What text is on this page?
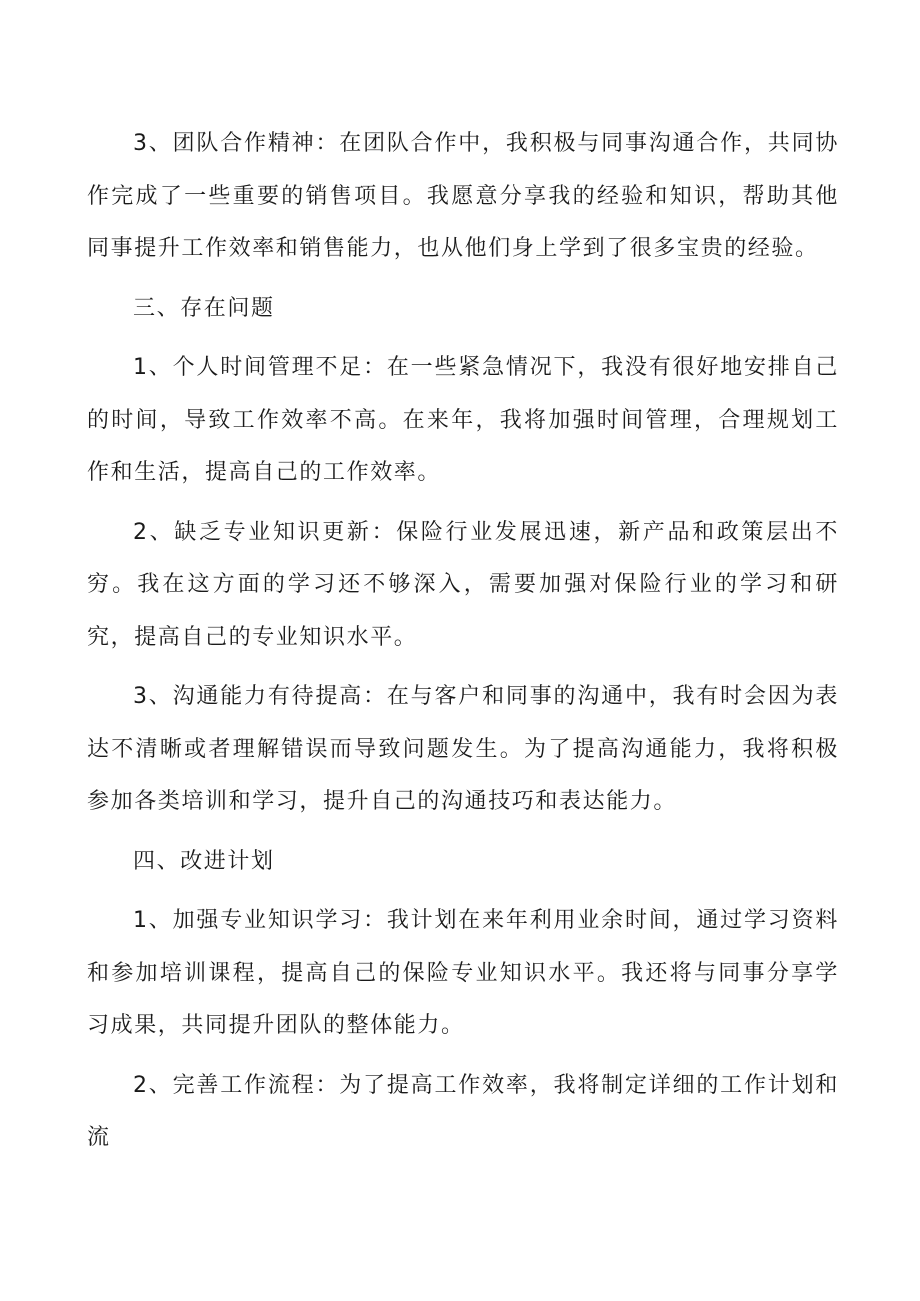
3、团队合作精神：在团队合作中，我积极与同事沟通合作，共同协作完成了一些重要的销售项目。我愿意分享我的经验和知识，帮助其他同事提升工作效率和销售能力，也从他们身上学到了很多宝贵的经验。

三、存在问题

1、个人时间管理不足：在一些紧急情况下，我没有很好地安排自己的时间，导致工作效率不高。在来年，我将加强时间管理，合理规划工作和生活，提高自己的工作效率。

2、缺乏专业知识更新：保险行业发展迅速，新产品和政策层出不穷。我在这方面的学习还不够深入，需要加强对保险行业的学习和研究，提高自己的专业知识水平。

3、沟通能力有待提高：在与客户和同事的沟通中，我有时会因为表达不清晰或者理解错误而导致问题发生。为了提高沟通能力，我将积极参加各类培训和学习，提升自己的沟通技巧和表达能力。

四、改进计划

1、加强专业知识学习：我计划在来年利用业余时间，通过学习资料和参加培训课程，提高自己的保险专业知识水平。我还将与同事分享学习成果，共同提升团队的整体能力。

2、完善工作流程：为了提高工作效率，我将制定详细的工作计划和流
